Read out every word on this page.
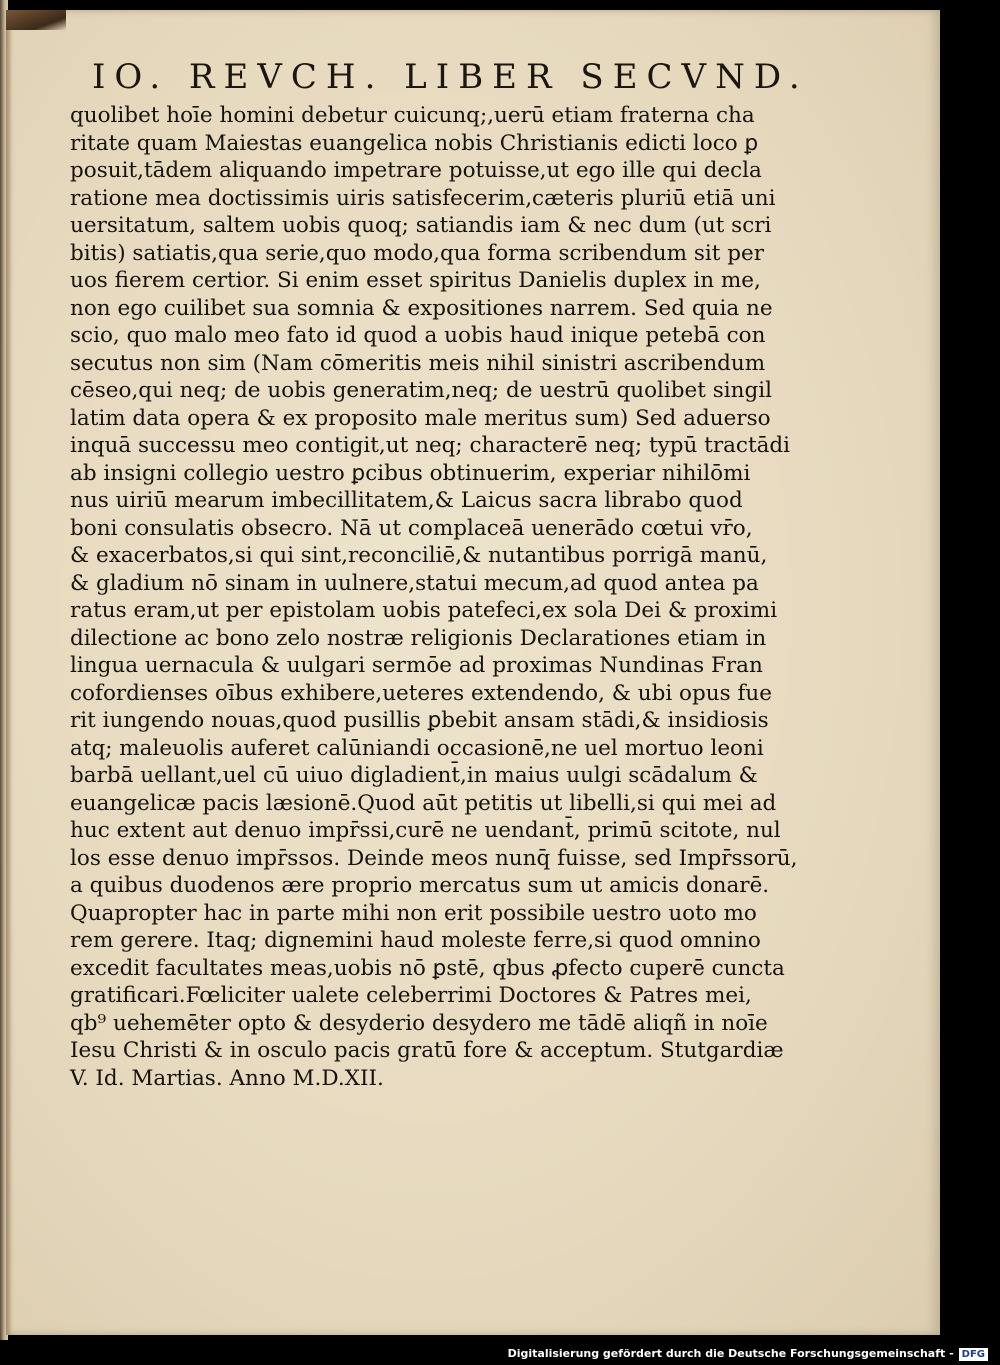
IO. REVCH. LIBER SECVND.
quolibet hoīe homini debetur cuicunq;,uerū etiam fraterna cha
ritate quam Maiestas euangelica nobis Christianis edicti loco ꝑ
posuit,tādem aliquando impetrare potuisse,ut ego ille qui decla
ratione mea doctissimis uiris satisfecerim,cæteris pluriū etiā uni
uersitatum, saltem uobis quoq; satiandis iam & nec dum (ut scri
bitis) satiatis,qua serie,quo modo,qua forma scribendum sit per
uos fierem certior. Si enim esset spiritus Danielis duplex in me,
non ego cuilibet sua somnia & expositiones narrem. Sed quia ne
scio, quo malo meo fato id quod a uobis haud inique petebā con
secutus non sim (Nam cōmeritis meis nihil sinistri ascribendum
cēseo,qui neq; de uobis generatim,neq; de uestrū quolibet singil
latim data opera & ex proposito male meritus sum) Sed aduerso
inquā successu meo contigit,ut neq; characterē neq; typū tractādi
ab insigni collegio uestro ꝑcibus obtinuerim, experiar nihilōmi
nus uiriū mearum imbecillitatem,& Laicus sacra librabo quod
boni consulatis obsecro. Nā ut complaceā uenerādo cœtui vr̄o,
& exacerbatos,si qui sint,reconciliē,& nutantibus porrigā manū,
& gladium nō sinam in uulnere,statui mecum,ad quod antea pa
ratus eram,ut per epistolam uobis patefeci,ex sola Dei & proximi
dilectione ac bono zelo nostræ religionis Declarationes etiam in
lingua uernacula & uulgari sermōe ad proximas Nundinas Fran
cofordienses oībus exhibere,ueteres extendendo, & ubi opus fue
rit iungendo nouas,quod pusillis ꝑbebit ansam stādi,& insidiosis
atq; maleuolis auferet calūniandi occasionē,ne uel mortuo leoni
barbā uellant,uel cū uiuo digladient̄,in maius uulgi scādalum &
euangelicæ pacis læsionē.Quod aūt petitis ut libelli,si qui mei ad
huc extent aut denuo impr̄ssi,curē ne uendant̄, primū scitote, nul
los esse denuo impr̄ssos. Deinde meos nunq̄ fuisse, sed Impr̄ssorū,
a quibus duodenos ære proprio mercatus sum ut amicis donarē.
Quapropter hac in parte mihi non erit possibile uestro uoto mo
rem gerere. Itaq; dignemini haud moleste ferre,si quod omnino
excedit facultates meas,uobis nō ꝑstē, qbus ꝓfecto cuperē cuncta
gratificari.Fœliciter ualete celeberrimi Doctores & Patres mei,
qb⁹ uehemēter opto & desyderio desydero me tādē aliqñ in noīe
Iesu Christi & in osculo pacis gratū fore & acceptum. Stutgardiæ
V. Id. Martias. Anno M.D.XII.
Digitalisierung gefördert durch die Deutsche Forschungsgemeinschaft - DFG
